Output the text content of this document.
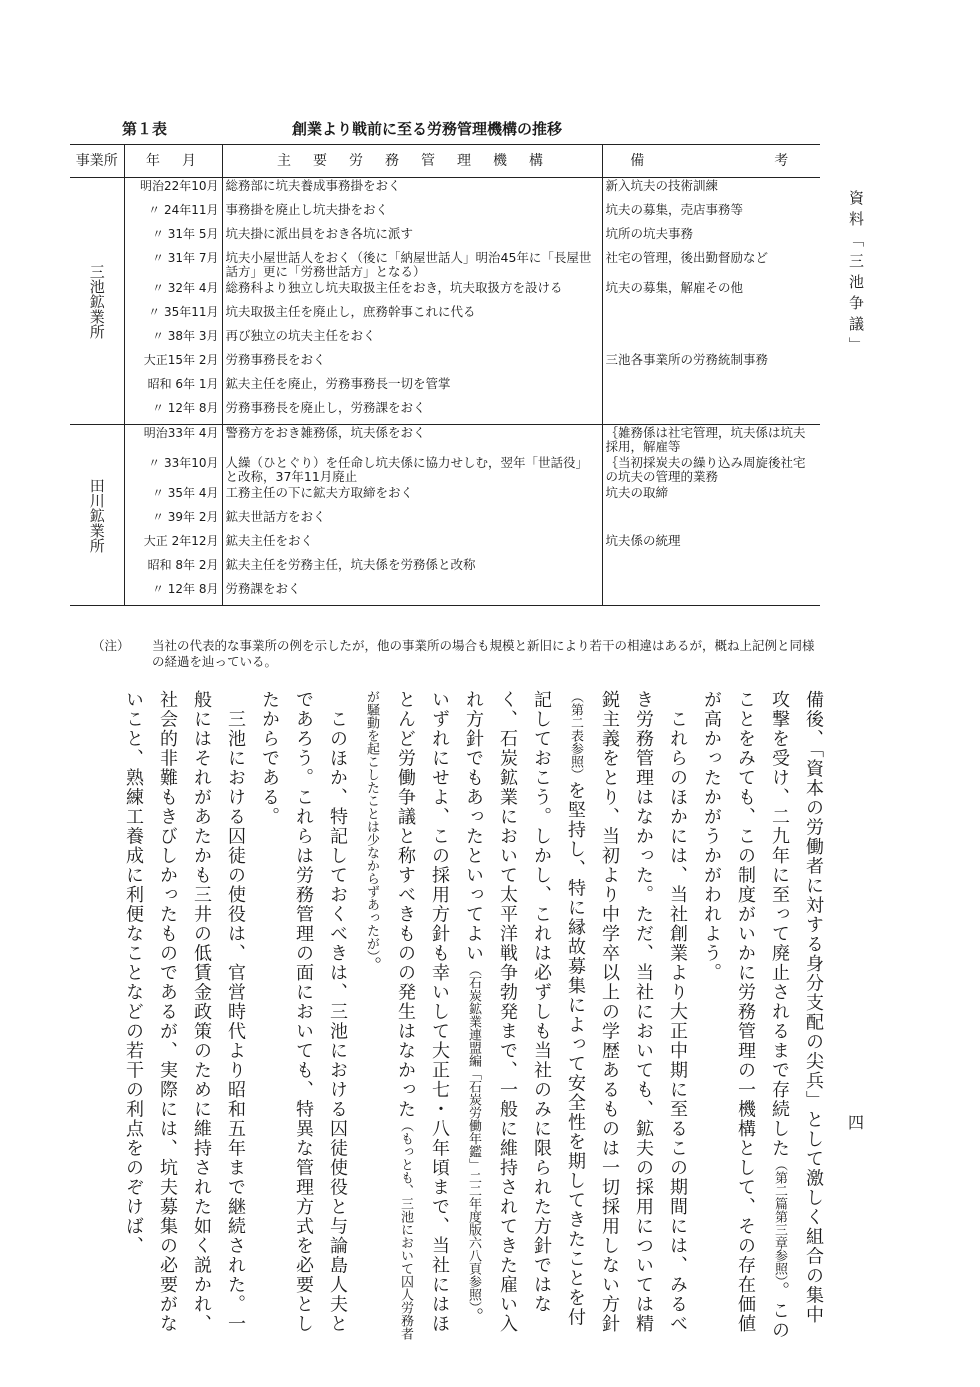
第１表	創業より戦前に至る労務管理機構の推移
事業所	年　月	主　要　労　務　管　理　機　構	備　　　　　　　考
三池鉱業所	明治22年10月	総務部に坑夫養成事務掛をおく	新入坑夫の技術訓練
	〃 24年11月	事務掛を廃止し坑夫掛をおく	坑夫の募集，売店事務等
	〃 31年 5月	坑夫掛に派出員をおき各坑に派す	坑所の坑夫事務
	〃 31年 7月	坑夫小屋世話人をおく（後に「納屋世話人」明治45年に「長屋世話方」更に「労務世話方」となる）	社宅の管理，後出勤督励など
	〃 32年 4月	総務科より独立し坑夫取扱主任をおき，坑夫取扱方を設ける	坑夫の募集，解雇その他
	〃 35年11月	坑夫取扱主任を廃止し，庶務幹事これに代る	
	〃 38年 3月	再び独立の坑夫主任をおく	
	大正15年 2月	労務事務長をおく	三池各事業所の労務統制事務
	昭和 6年 1月	鉱夫主任を廃止，労務事務長一切を管掌	
	〃 12年 8月	労務事務長を廃止し，労務課をおく	
田川鉱業所	明治33年 4月	警務方をおき雑務係，坑夫係をおく	｛雑務係は社宅管理，坑夫係は坑夫採用，解雇等
	〃 33年10月	人繰（ひとぐり）を任命し坑夫係に協力せしむ，翌年「世話役」と改称，37年11月廃止	｛当初採炭夫の繰り込み周旋後社宅の坑夫の管理的業務
	〃 35年 4月	工務主任の下に鉱夫方取締をおく	坑夫の取締
	〃 39年 2月	鉱夫世話方をおく	
	大正 2年12月	鉱夫主任をおく	坑夫係の統理
	昭和 8年 2月	鉱夫主任を労務主任，坑夫係を労務係と改称	
	〃 12年 8月	労務課をおく	
（注） 当社の代表的な事業所の例を示したが，他の事業所の場合も規模と新旧により若干の相違はあるが，概ね上記例と同様の経過を辿っている。
資料「三池争議」
四

備後、「資本の労働者に対する身分支配の尖兵」として激しく組合の集中攻撃を受け、二九年に至って廃止されるまで存続した（第二篇第三章参照）。このことをみても、この制度がいかに労務管理の一機構として、その存在価値が高かったかがうかがわれよう。

　これらのほかには、当社創業より大正中期に至るこの期間には、みるべき労務管理はなかった。ただ、当社においても、鉱夫の採用については精鋭主義をとり、当初より中学卒以上の学歴あるものは一切採用しない方針（第二表参照）を堅持し、特に縁故募集によって安全性を期してきたことを付記しておこう。しかし、これは必ずしも当社のみに限られた方針ではなく、石炭鉱業において太平洋戦争勃発まで、一般に維持されてきた雇い入れ方針でもあったといってよい（石炭鉱業連盟編「石炭労働年鑑」二二年度版六八頁参照）。いずれにせよ、この採用方針も幸いして大正七・八年頃まで、当社にはほとんど労働争議と称すべきものの発生はなかった（もっとも、三池において囚人労務者が騒動を起こしたことは少なからずあったが）。

　このほか、特記しておくべきは、三池における囚徒使役と与論島人夫とであろう。これらは労務管理の面においても、特異な管理方式を必要としたからである。

　三池における囚徒の使役は、官営時代より昭和五年まで継続された。一般にはそれがあたかも三井の低賃金政策のために維持された如く説かれ、社会的非難もきびしかったものであるが、実際には、坑夫募集の必要がないこと、熟練工養成に利便なことなどの若干の利点をのぞけば、
